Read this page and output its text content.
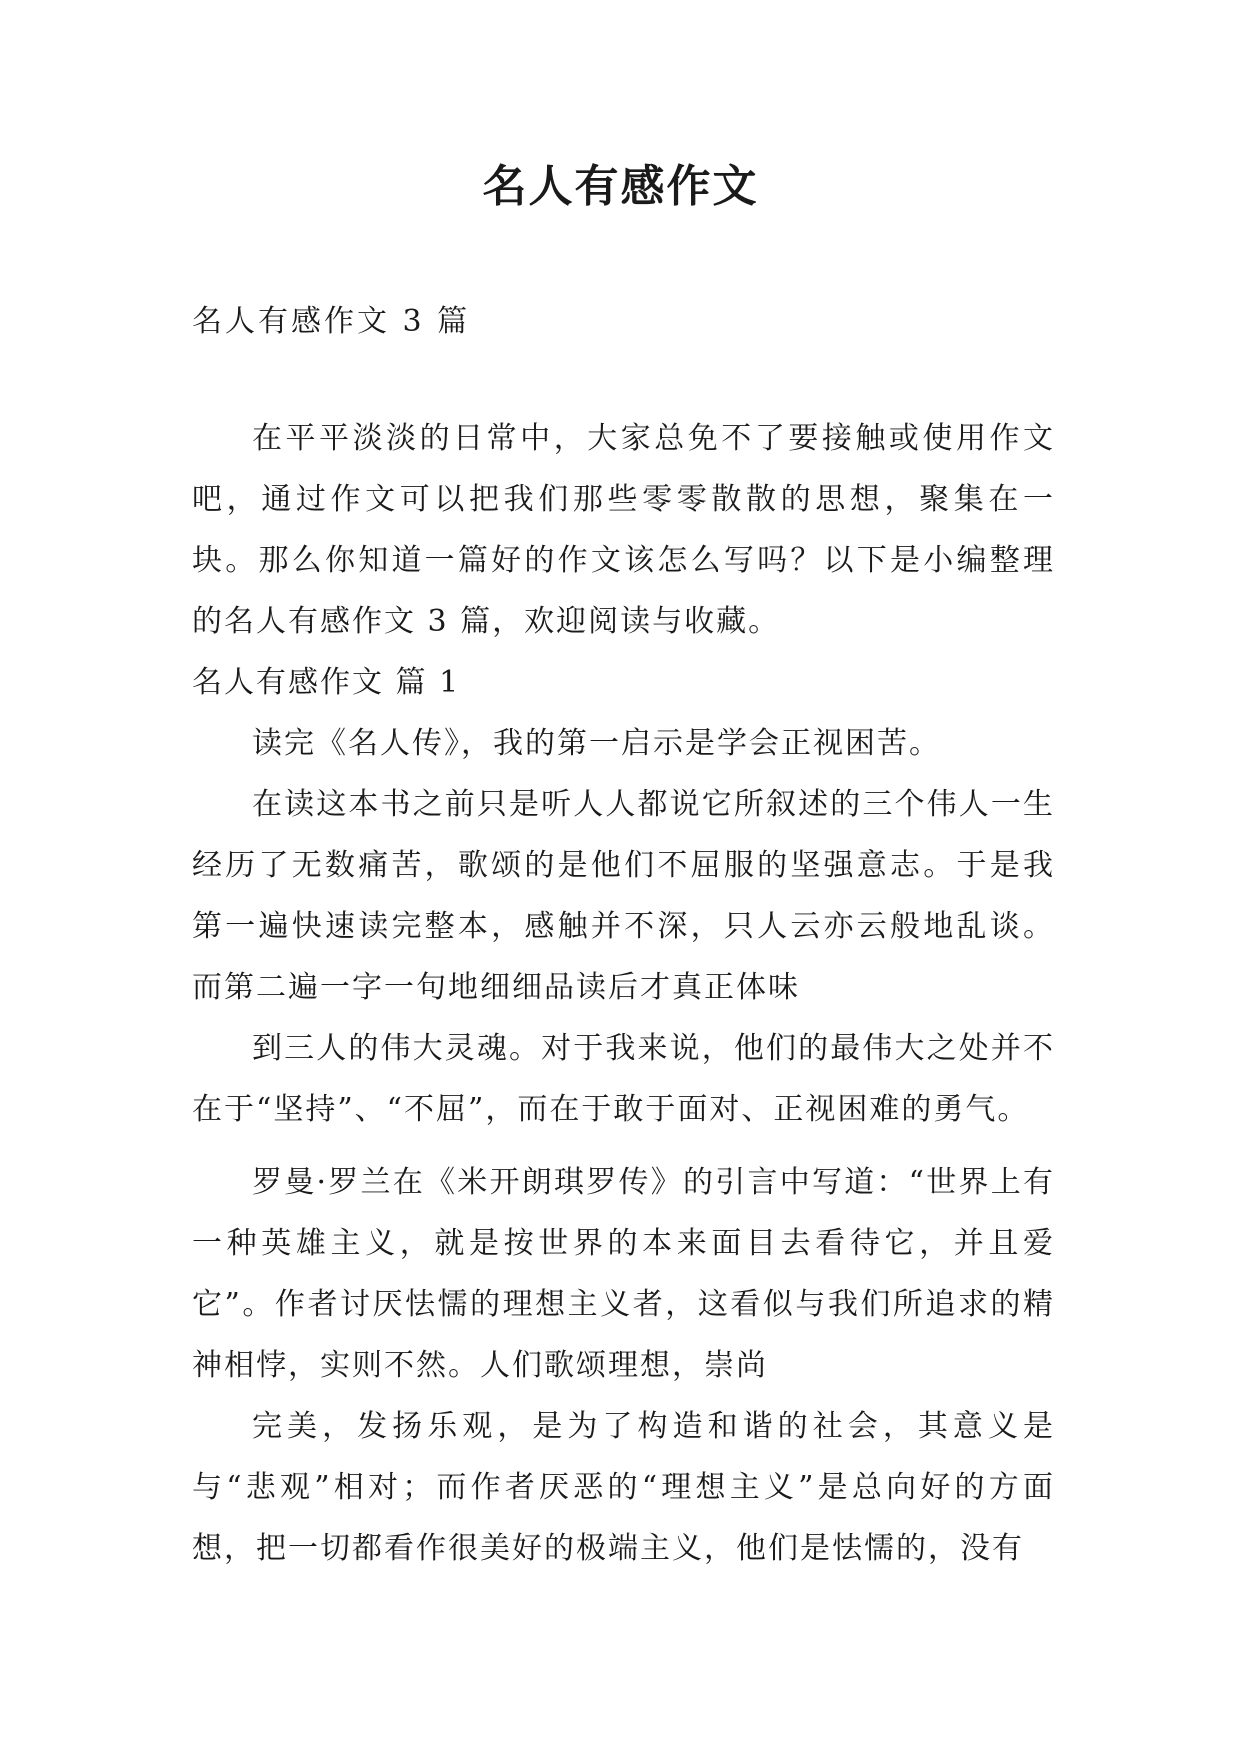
名人有感作文
名人有感作文 3 篇

在平平淡淡的日常中，大家总免不了要接触或使用作文吧，通过作文可以把我们那些零零散散的思想，聚集在一块。那么你知道一篇好的作文该怎么写吗？以下是小编整理的名人有感作文 3 篇，欢迎阅读与收藏。

名人有感作文 篇 1

读完《名人传》，我的第一启示是学会正视困苦。

在读这本书之前只是听人人都说它所叙述的三个伟人一生经历了无数痛苦，歌颂的是他们不屈服的坚强意志。于是我第一遍快速读完整本，感触并不深，只人云亦云般地乱谈。而第二遍一字一句地细细品读后才真正体味

到三人的伟大灵魂。对于我来说，他们的最伟大之处并不在于“坚持”、“不屈”，而在于敢于面对、正视困难的勇气。

罗曼·罗兰在《米开朗琪罗传》的引言中写道：“世界上有一种英雄主义，就是按世界的本来面目去看待它，并且爱它”。作者讨厌怯懦的理想主义者，这看似与我们所追求的精神相悖，实则不然。人们歌颂理想，崇尚

完美，发扬乐观，是为了构造和谐的社会，其意义是与“悲观”相对；而作者厌恶的“理想主义”是总向好的方面想，把一切都看作很美好的极端主义，他们是怯懦的，没有
